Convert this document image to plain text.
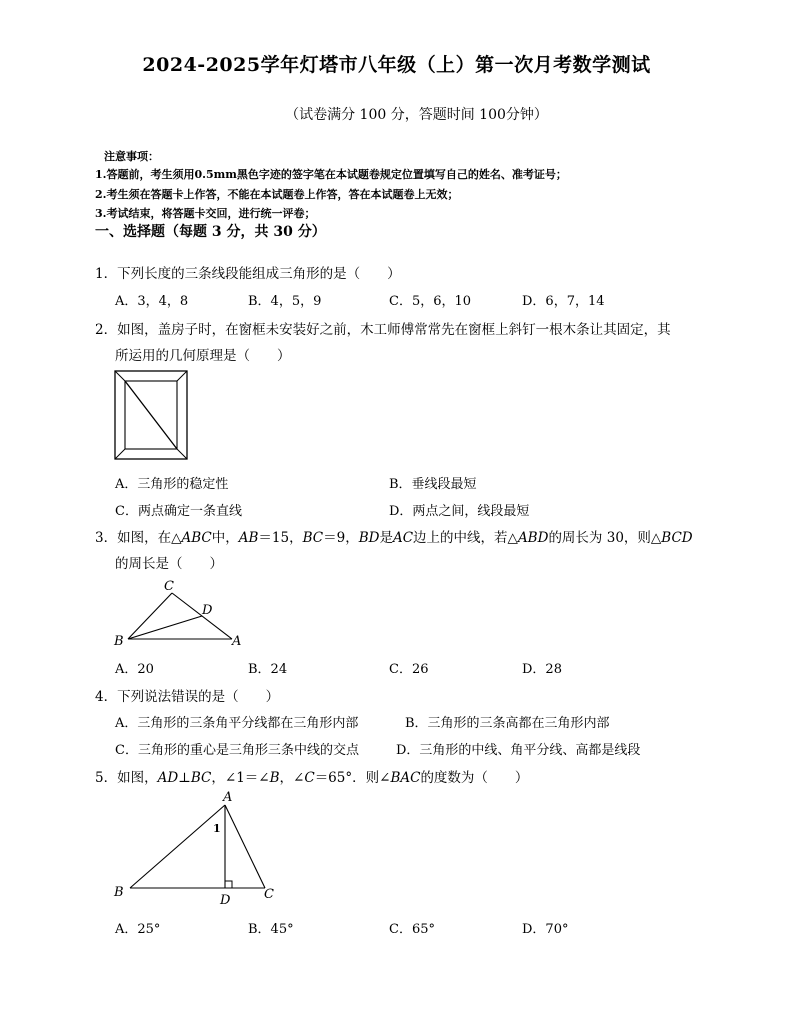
2024-2025学年灯塔市八年级（上）第一次月考数学测试
（试卷满分 100 分，答题时间 100分钟）
注意事项：
1.答题前，考生须用0.5mm黑色字迹的签字笔在本试题卷规定位置填写自己的姓名、准考证号；
2.考生须在答题卡上作答，不能在本试题卷上作答，答在本试题卷上无效；
3.考试结束，将答题卡交回，进行统一评卷；
一、选择题（每题 3 分，共 30 分）
1．下列长度的三条线段能组成三角形的是（　　）
A．3，4，8	B．4，5，9	C．5，6，10	D．6，7，14
2．如图，盖房子时，在窗框未安装好之前，木工师傅常常先在窗框上斜钉一根木条让其固定，其
所运用的几何原理是（　　）
A．三角形的稳定性	B．垂线段最短
C．两点确定一条直线	D．两点之间，线段最短
3．如图，在△ABC中，AB＝15，BC＝9，BD是AC边上的中线，若△ABD的周长为 30，则△BCD
的周长是（　　）
C
D
B	A
A．20	B．24	C．26	D．28
4．下列说法错误的是（　　）
A．三角形的三条角平分线都在三角形内部	B．三角形的三条高都在三角形内部
C．三角形的重心是三角形三条中线的交点	D．三角形的中线、角平分线、高都是线段
5．如图，AD⊥BC，∠1＝∠B，∠C＝65°．则∠BAC的度数为（　　）
A
1
B
D	C
A．25°	B．45°	C．65°	D．70°
